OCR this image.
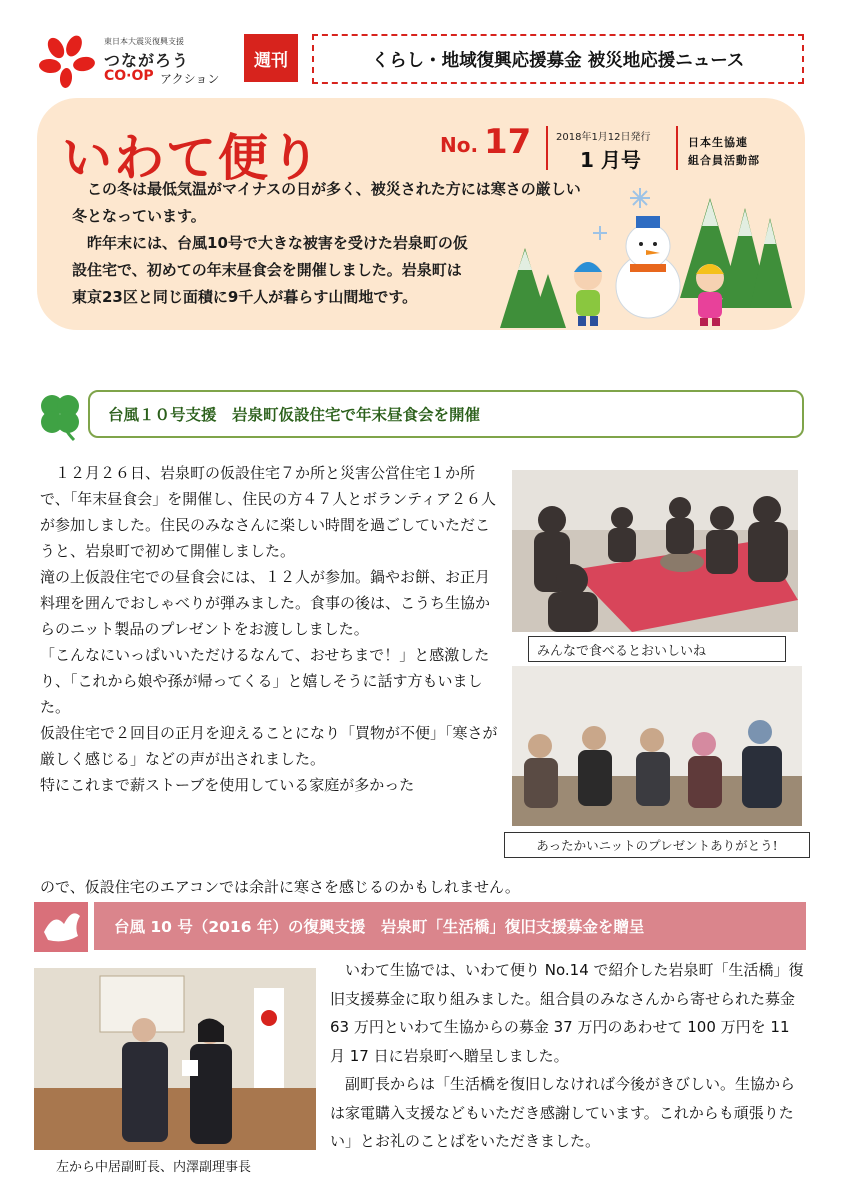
東日本大震災復興支援
つながろう
CO·OP アクション
週刊	くらし・地域復興応援募金 被災地応援ニュース
いわて便り	No. 17 2018年1月12日発行
1 月号
日本生協連
組合員活動部

この冬は最低気温がマイナスの日が多く、被災された方には寒さの厳しい冬となっています。

昨年末には、台風10号で大きな被害を受けた岩泉町の仮設住宅で、初めての年末昼食会を開催しました。岩泉町は東京23区と同じ面積に9千人が暮らす山間地です。

台風１０号支援　岩泉町仮設住宅で年末昼食会を開催

１２月２６日、岩泉町の仮設住宅７か所と災害公営住宅１か所で、「年末昼食会」を開催し、住民の方４７人とボランティア２６人が参加しました。住民のみなさんに楽しい時間を過ごしていただこうと、岩泉町で初めて開催しました。

滝の上仮設住宅での昼食会には、１２人が参加。鍋やお餅、お正月料理を囲んでおしゃべりが弾みました。食事の後は、こうち生協からのニット製品のプレゼントをお渡ししました。

「こんなにいっぱいいただけるなんて、おせちまで！」と感激したり、「これから娘や孫が帰ってくる」と嬉しそうに話す方もいました。

仮設住宅で２回目の正月を迎えることになり「買物が不便」「寒さが厳しく感じる」などの声が出されました。

特にこれまで薪ストーブを使用している家庭が多かった

ので、仮設住宅のエアコンでは余計に寒さを感じるのかもしれません。
みんなで食べるとおいしいね
あったかいニットのプレゼントありがとう!
台風 10 号（2016 年）の復興支援　岩泉町「生活橋」復旧支援募金を贈呈
左から中居副町長、内澤副理事長

いわて生協では、いわて便り No.14 で紹介した岩泉町「生活橋」復旧支援募金に取り組みました。組合員のみなさんから寄せられた募金 63 万円といわて生協からの募金 37 万円のあわせて 100 万円を 11 月 17 日に岩泉町へ贈呈しました。

副町長からは「生活橋を復旧しなければ今後がきびしい。生協からは家電購入支援などもいただき感謝しています。これからも頑張りたい」とお礼のことばをいただきました。
